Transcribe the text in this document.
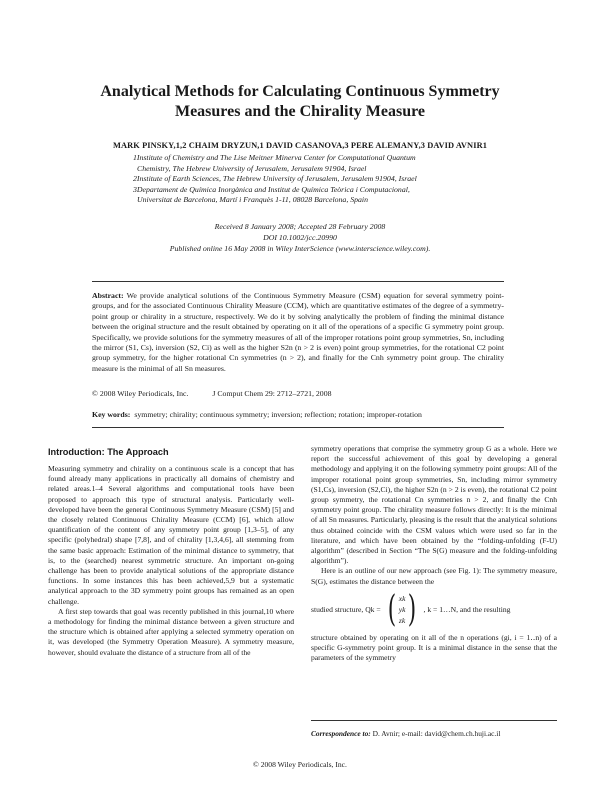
Analytical Methods for Calculating Continuous Symmetry
Measures and the Chirality Measure
MARK PINSKY,1,2 CHAIM DRYZUN,1 DAVID CASANOVA,3 PERE ALEMANY,3 DAVID AVNIR1
1Institute of Chemistry and The Lise Meitner Minerva Center for Computational Quantum
Chemistry, The Hebrew University of Jerusalem, Jerusalem 91904, Israel
2Institute of Earth Sciences, The Hebrew University of Jerusalem, Jerusalem 91904, Israel
3Departament de Química Inorgànica and Institut de Química Teòrica i Computacional,
Universitat de Barcelona, Martí i Franquès 1-11, 08028 Barcelona, Spain
Received 8 January 2008; Accepted 28 February 2008
DOI 10.1002/jcc.20990
Published online 16 May 2008 in Wiley InterScience (www.interscience.wiley.com).
Abstract: We provide analytical solutions of the Continuous Symmetry Measure (CSM) equation for several symmetry point-groups, and for the associated Continuous Chirality Measure (CCM), which are quantitative estimates of the degree of a symmetry-point group or chirality in a structure, respectively. We do it by solving analytically the problem of finding the minimal distance between the original structure and the result obtained by operating on it all of the operations of a specific G symmetry point group. Specifically, we provide solutions for the symmetry measures of all of the improper rotations point group symmetries, Sn, including the mirror (S1, Cs), inversion (S2, Ci) as well as the higher S2n (n > 2 is even) point group symmetries, for the rotational C2 point group symmetry, for the higher rotational Cn symmetries (n > 2), and finally for the Cnh symmetry point group. The chirality measure is the minimal of all Sn measures.
© 2008 Wiley Periodicals, Inc.	J Comput Chem 29: 2712–2721, 2008
Key words: symmetry; chirality; continuous symmetry; inversion; reflection; rotation; improper-rotation
Introduction: The Approach

Measuring symmetry and chirality on a continuous scale is a concept that has found already many applications in practically all domains of chemistry and related areas.1–4 Several algorithms and computational tools have been proposed to approach this type of structural analysis. Particularly well-developed have been the general Continuous Symmetry Measure (CSM) [5] and the closely related Continuous Chirality Measure (CCM) [6], which allow quantification of the content of any symmetry point group [1,3–5], of any specific (polyhedral) shape [7,8], and of chirality [1,3,4,6], all stemming from the same basic approach: Estimation of the minimal distance to symmetry, that is, to the (searched) nearest symmetric structure. An important on-going challenge has been to provide analytical solutions of the appropriate distance functions. In some instances this has been achieved,5,9 but a systematic analytical approach to the 3D symmetry point groups has remained as an open challenge.

A first step towards that goal was recently published in this journal,10 where a methodology for finding the minimal distance between a given structure and the structure which is obtained after applying a selected symmetry operation on it, was developed (the Symmetry Operation Measure). A symmetry measure, however, should evaluate the distance of a structure from all of the

symmetry operations that comprise the symmetry group G as a whole. Here we report the successful achievement of this goal by developing a general methodology and applying it on the following symmetry point groups: All of the improper rotational point group symmetries, Sn, including mirror symmetry (S1,Cs), inversion (S2,Ci), the higher S2n (n > 2 is even), the rotational C2 point group symmetry, the rotational Cn symmetries n > 2, and finally the Cnh symmetry point group. The chirality measure follows directly: It is the minimal of all Sn measures. Particularly, pleasing is the result that the analytical solutions thus obtained coincide with the CSM values which were used so far in the literature, and which have been obtained by the “folding-unfolding (F-U) algorithm” (described in Section “The S(G) measure and the folding-unfolding algorithm”).

Here is an outline of our new approach (see Fig. 1): The symmetry measure, S(G), estimates the distance between the

studied structure, Qk = ( xk
yk
zk ) , k = 1…N, and the resulting

structure obtained by operating on it all of the n operations (gi, i = 1‥n) of a specific G-symmetry point group. It is a minimal distance in the sense that the parameters of the symmetry

Correspondence to: D. Avnir; e-mail: david@chem.ch.huji.ac.il
© 2008 Wiley Periodicals, Inc.
